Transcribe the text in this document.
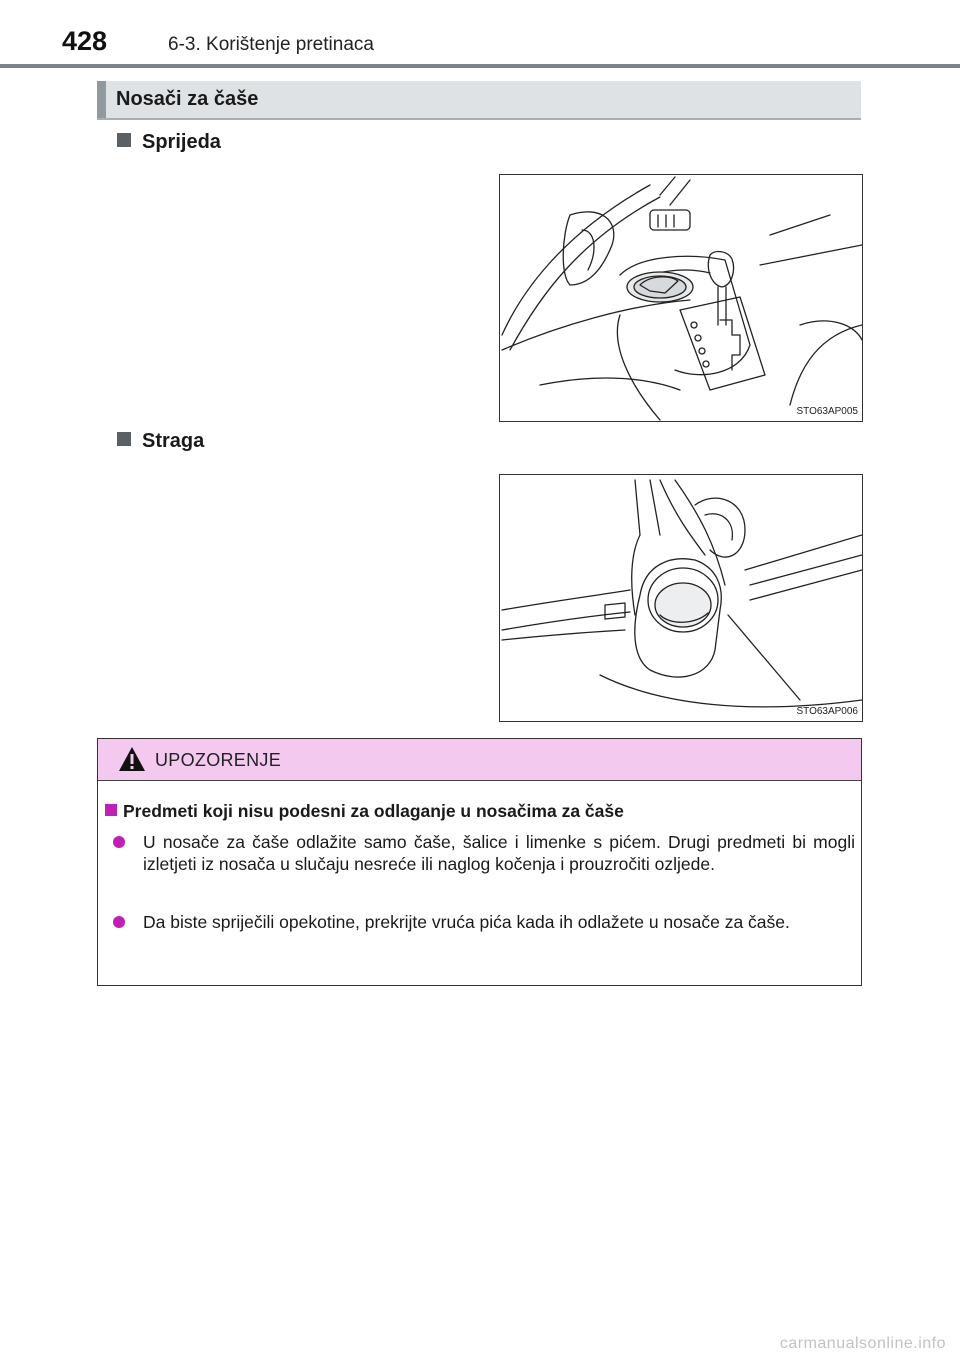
428	6-3. Korištenje pretinaca
Nosači za čaše
Sprijeda
STO63AP005
Straga
STO63AP006
UPOZORENJE
Predmeti koji nisu podesni za odlaganje u nosačima za čaše
U nosače za čaše odlažite samo čaše, šalice i limenke s pićem. Drugi predmeti bi mogli izletjeti iz nosača u slučaju nesreće ili naglog kočenja i prouzročiti ozljede.
Da biste spriječili opekotine, prekrijte vruća pića kada ih odlažete u nosače za čaše.
carmanualsonline.info
